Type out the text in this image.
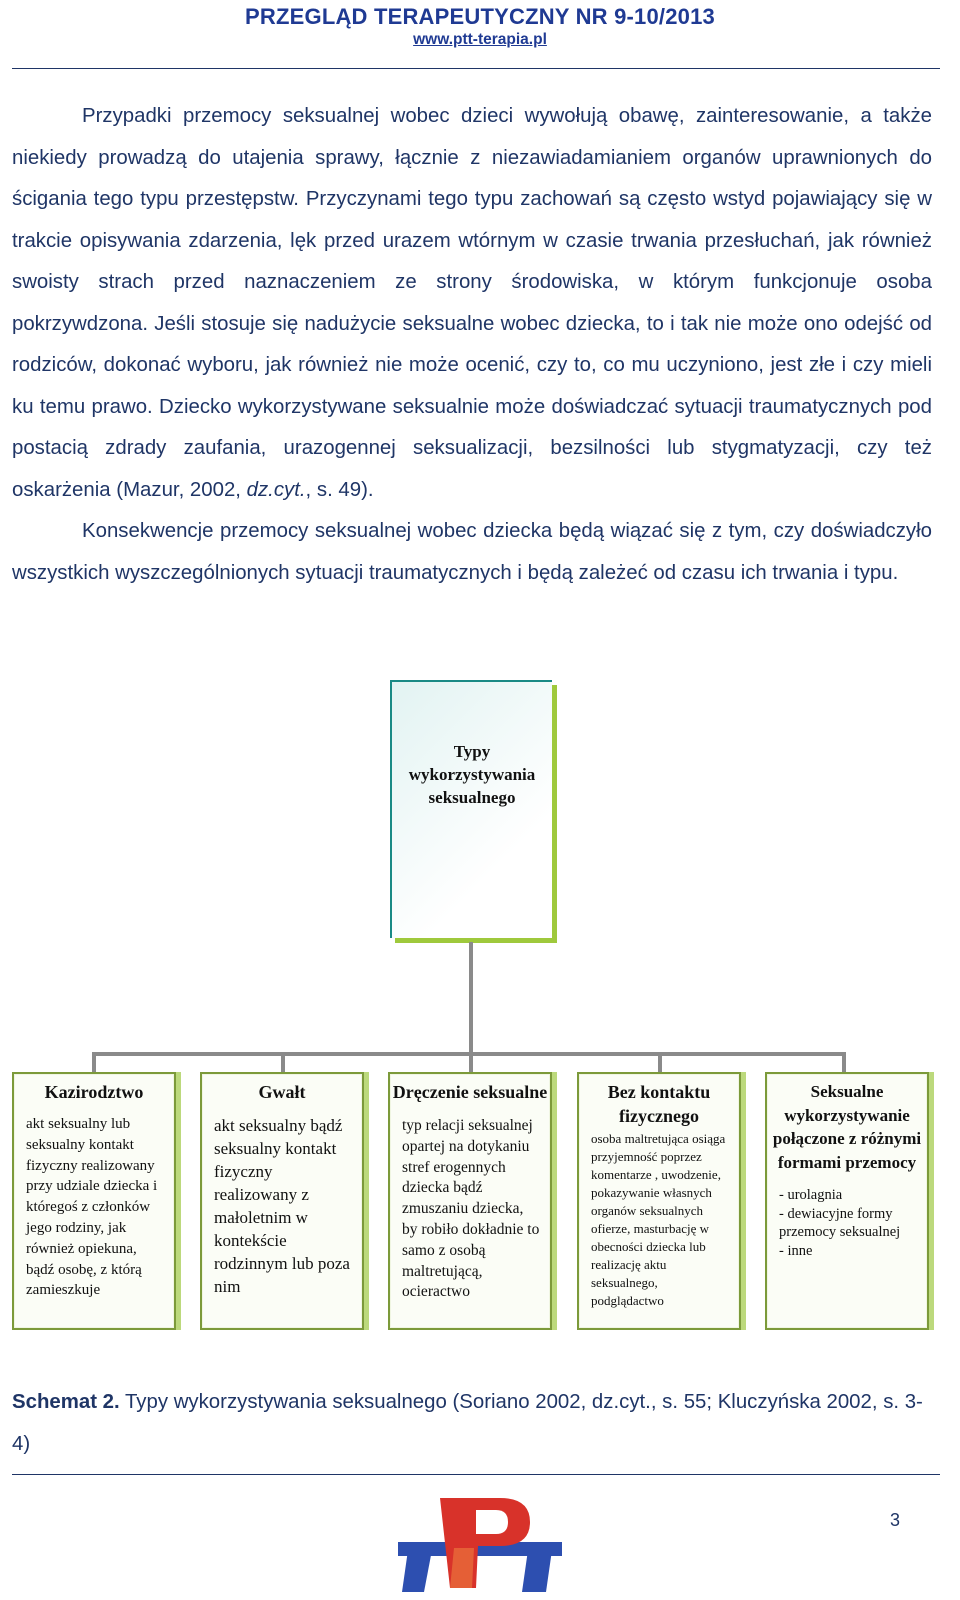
PRZEGLĄD TERAPEUTYCZNY NR 9-10/2013
www.ptt-terapia.pl

Przypadki przemocy seksualnej wobec dzieci wywołują obawę, zainteresowanie, a także niekiedy prowadzą do utajenia sprawy, łącznie z niezawiadamianiem organów uprawnionych do ścigania tego typu przestępstw. Przyczynami tego typu zachowań są często wstyd pojawiający się w trakcie opisywania zdarzenia, lęk przed urazem wtórnym w czasie trwania przesłuchań, jak również swoisty strach przed naznaczeniem ze strony środowiska, w którym funkcjonuje osoba pokrzywdzona. Jeśli stosuje się nadużycie seksualne wobec dziecka, to i tak nie może ono odejść od rodziców, dokonać wyboru, jak również nie może ocenić, czy to, co mu uczyniono, jest złe i czy mieli ku temu prawo. Dziecko wykorzystywane seksualnie może doświadczać sytuacji traumatycznych pod postacią zdrady zaufania, urazogennej seksualizacji, bezsilności lub stygmatyzacji, czy też oskarżenia (Mazur, 2002, dz.cyt., s. 49).

Konsekwencje przemocy seksualnej wobec dziecka będą wiązać się z tym, czy doświadczyło wszystkich wyszczególnionych sytuacji traumatycznych i będą zależeć od czasu ich trwania i typu.

Typy wykorzystywania seksualnego
Kazirodztwo
akt seksualny lub seksualny kontakt fizyczny realizowany przy udziale dziecka i któregoś z członków jego rodziny, jak również opiekuna, bądź osobę, z którą zamieszkuje
Gwałt
akt seksualny bądź seksualny kontakt fizyczny realizowany z małoletnim w kontekście rodzinnym lub poza nim
Dręczenie seksualne
typ relacji seksualnej opartej na dotykaniu stref erogennych dziecka bądź zmuszaniu dziecka, by robiło dokładnie to samo z osobą maltretującą, ocieractwo
Bez kontaktu fizycznego
osoba maltretująca osiąga przyjemność poprzez komentarze , uwodzenie, pokazywanie własnych organów seksualnych ofierze, masturbację w obecności dziecka lub realizację aktu seksualnego, podglądactwo
Seksualne wykorzystywanie połączone z różnymi formami przemocy
- urolagnia
- dewiacyjne formy przemocy seksualnej
- inne
Schemat 2. Typy wykorzystywania seksualnego (Soriano 2002, dz.cyt., s. 55; Kluczyńska 2002, s. 3-4)
3
